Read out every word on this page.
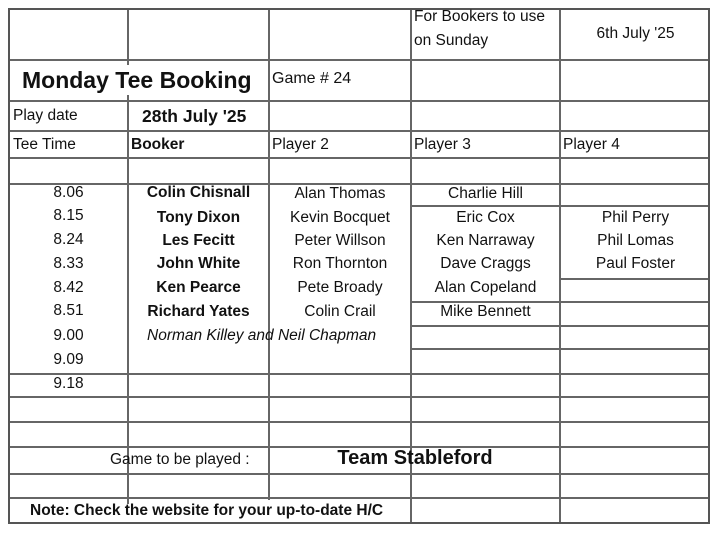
For Bookers to use
on Sunday	6th July '25
Monday Tee Booking Game # 24
Play date	28th July '25
Tee Time	Booker	Player 2	Player 3	Player 4
8.06	Colin Chisnall	Alan Thomas	Charlie Hill
8.15	Tony Dixon	Kevin Bocquet	Eric Cox	Phil Perry
8.24	Les Fecitt	Peter Willson	Ken Narraway	Phil Lomas
8.33	John White	Ron Thornton	Dave Craggs	Paul Foster
8.42	Ken Pearce	Pete Broady	Alan Copeland
8.51	Richard Yates	Colin Crail	Mike Bennett
9.00	Norman Killey and Neil Chapman
9.09
9.18
Game to be played :	Team Stableford
Note: Check the website for your up-to-date H/C
